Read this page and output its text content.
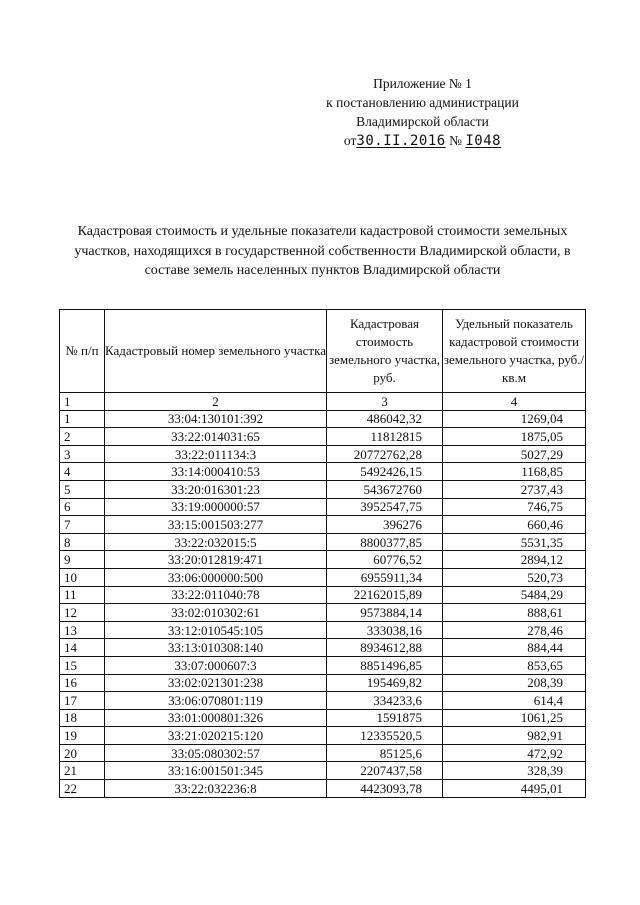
Приложение № 1
к постановлению администрации
Владимирской области
от30.II.2016 № I048
Кадастровая стоимость и удельные показатели кадастровой стоимости земельных участков, находящихся в государственной собственности Владимирской области, в составе земель населенных пунктов Владимирской области
№ п/п	Кадастровый номер земельного участка	Кадастровая стоимость земельного участка, руб.	Удельный показатель кадастровой стоимости земельного участка, руб./кв.м
1	2	3	4
1	33:04:130101:392	486042,32	1269,04
2	33:22:014031:65	11812815	1875,05
3	33:22:011134:3	20772762,28	5027,29
4	33:14:000410:53	5492426,15	1168,85
5	33:20:016301:23	543672760	2737,43
6	33:19:000000:57	3952547,75	746,75
7	33:15:001503:277	396276	660,46
8	33:22:032015:5	8800377,85	5531,35
9	33:20:012819:471	60776,52	2894,12
10	33:06:000000:500	6955911,34	520,73
11	33:22:011040:78	22162015,89	5484,29
12	33:02:010302:61	9573884,14	888,61
13	33:12:010545:105	333038,16	278,46
14	33:13:010308:140	8934612,88	884,44
15	33:07:000607:3	8851496,85	853,65
16	33:02:021301:238	195469,82	208,39
17	33:06:070801:119	334233,6	614,4
18	33:01:000801:326	1591875	1061,25
19	33:21:020215:120	12335520,5	982,91
20	33:05:080302:57	85125,6	472,92
21	33:16:001501:345	2207437,58	328,39
22	33:22:032236:8	4423093,78	4495,01
